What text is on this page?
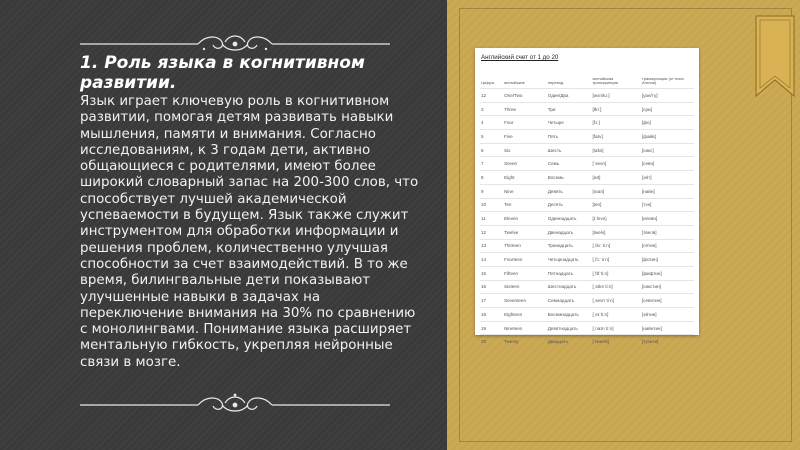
1. Роль языка в когнитивном развитии.

Язык играет ключевую роль в когнитивном развитии, помогая детям развивать навыки мышления, памяти и внимания. Согласно исследованиям, к 3 годам дети, активно общающиеся с родителями, имеют более широкий словарный запас на 200-300 слов, что способствует лучшей академической успеваемости в будущем. Язык также служит инструментом для обработки информации и решения проблем, количественно улучшая способности за счет взаимодействий. В то же время, билингвальные дети показывают улучшенные навыки в задачах на переключение внимания на 30% по сравнению с монолингвами. Понимание языка расширяет ментальную гибкость, укрепляя нейронные связи в мозге.

Английский счет от 1 до 20
Цифра	английские	перевод	английская транскрипция	транскрипция (от носа Англии)
12	One/Two	Один/Два	[wʌn/tuː]	[уан/ту]
3	Three	Три	[θriː]	[сри]
4	Four	Четыре	[fɔː]	[фо]
5	Five	Пять	[faɪv]	[файв]
6	Six	Шесть	[sɪks]	[сикс]
7	Seven	Семь	[ˈsevn]	[севн]
8	Eight	Восемь	[eɪt]	[эйт]
9	Nine	Девять	[naɪn]	[найн]
10	Ten	Десять	[ten]	[тэн]
11	Eleven	Одиннадцать	[ɪˈlevn]	[илевн]
12	Twelve	Двенадцать	[twelv]	[твелв]
13	Thirteen	Тринадцать	[ˌθɜːˈtiːn]	[сётин]
14	Fourteen	Четырнадцать	[ˌfɔːˈtiːn]	[фотин]
15	Fifteen	Пятнадцать	[ˌfɪfˈtiːn]	[фифтин]
16	Sixteen	Шестнадцать	[ˌsɪksˈtiːn]	[сикстин]
17	Seventeen	Семнадцать	[ˌsevnˈtiːn]	[севнтин]
18	Eighteen	Восемнадцать	[ˌeɪˈtiːn]	[эйтин]
19	Nineteen	Девятнадцать	[ˌnaɪnˈtiːn]	[найнтин]
20	Twenty	Двадцать	[ˈtwentɪ]	[туэнти]
